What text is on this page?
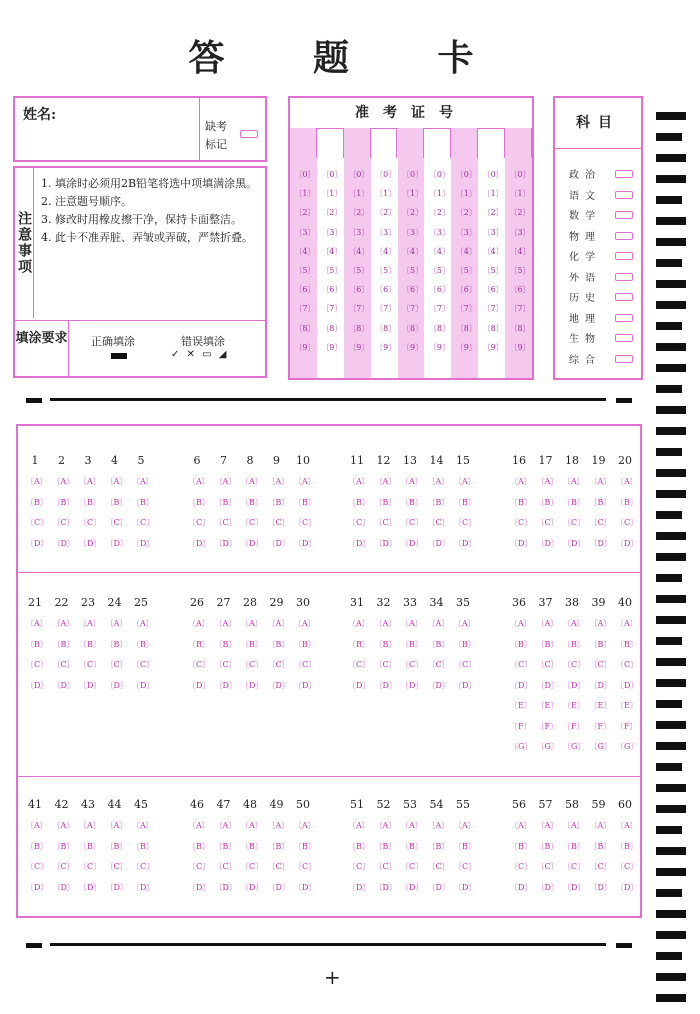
答 题 卡
姓名:
缺考标记
注意事项
1. 填涂时必须用2B铅笔将选中项填满涂黑。
2. 注意题号顺序。
3. 修改时用橡皮擦干净，保持卡面整洁。
4. 此卡不准弄脏、弄皱或弄破，严禁折叠。
填涂要求 正确填涂	错误填涂
✓ ✕ ▭ ◢
准考证号
〔0〕
〔1〕
〔2〕
〔3〕
〔4〕
〔5〕
〔6〕
〔7〕
〔8〕
〔9〕
〔0〕
〔1〕
〔2〕
〔3〕
〔4〕
〔5〕
〔6〕
〔7〕
〔8〕
〔9〕
〔0〕
〔1〕
〔2〕
〔3〕
〔4〕
〔5〕
〔6〕
〔7〕
〔8〕
〔9〕
〔0〕
〔1〕
〔2〕
〔3〕
〔4〕
〔5〕
〔6〕
〔7〕
〔8〕
〔9〕
〔0〕
〔1〕
〔2〕
〔3〕
〔4〕
〔5〕
〔6〕
〔7〕
〔8〕
〔9〕
〔0〕
〔1〕
〔2〕
〔3〕
〔4〕
〔5〕
〔6〕
〔7〕
〔8〕
〔9〕
〔0〕
〔1〕
〔2〕
〔3〕
〔4〕
〔5〕
〔6〕
〔7〕
〔8〕
〔9〕
〔0〕
〔1〕
〔2〕
〔3〕
〔4〕
〔5〕
〔6〕
〔7〕
〔8〕
〔9〕
〔0〕
〔1〕
〔2〕
〔3〕
〔4〕
〔5〕
〔6〕
〔7〕
〔8〕
〔9〕
科目
政治
语文
数学
物理
化学
外语
历史
地理
生物
综合
1
〔A〕
〔B〕
〔C〕
〔D〕
2
〔A〕
〔B〕
〔C〕
〔D〕
3
〔A〕
〔B〕
〔C〕
〔D〕
4
〔A〕
〔B〕
〔C〕
〔D〕
5
〔A〕
〔B〕
〔C〕
〔D〕
6
〔A〕
〔B〕
〔C〕
〔D〕
7
〔A〕
〔B〕
〔C〕
〔D〕
8
〔A〕
〔B〕
〔C〕
〔D〕
9
〔A〕
〔B〕
〔C〕
〔D〕
10
〔A〕
〔B〕
〔C〕
〔D〕
11
〔A〕
〔B〕
〔C〕
〔D〕
12
〔A〕
〔B〕
〔C〕
〔D〕
13
〔A〕
〔B〕
〔C〕
〔D〕
14
〔A〕
〔B〕
〔C〕
〔D〕
15
〔A〕
〔B〕
〔C〕
〔D〕
16
〔A〕
〔B〕
〔C〕
〔D〕
17
〔A〕
〔B〕
〔C〕
〔D〕
18
〔A〕
〔B〕
〔C〕
〔D〕
19
〔A〕
〔B〕
〔C〕
〔D〕
20
〔A〕
〔B〕
〔C〕
〔D〕
21
〔A〕
〔B〕
〔C〕
〔D〕
22
〔A〕
〔B〕
〔C〕
〔D〕
23
〔A〕
〔B〕
〔C〕
〔D〕
24
〔A〕
〔B〕
〔C〕
〔D〕
25
〔A〕
〔B〕
〔C〕
〔D〕
26
〔A〕
〔B〕
〔C〕
〔D〕
27
〔A〕
〔B〕
〔C〕
〔D〕
28
〔A〕
〔B〕
〔C〕
〔D〕
29
〔A〕
〔B〕
〔C〕
〔D〕
30
〔A〕
〔B〕
〔C〕
〔D〕
31
〔A〕
〔B〕
〔C〕
〔D〕
32
〔A〕
〔B〕
〔C〕
〔D〕
33
〔A〕
〔B〕
〔C〕
〔D〕
34
〔A〕
〔B〕
〔C〕
〔D〕
35
〔A〕
〔B〕
〔C〕
〔D〕
36
〔A〕
〔B〕
〔C〕
〔D〕
〔E〕
〔F〕
〔G〕
37
〔A〕
〔B〕
〔C〕
〔D〕
〔E〕
〔F〕
〔G〕
38
〔A〕
〔B〕
〔C〕
〔D〕
〔E〕
〔F〕
〔G〕
39
〔A〕
〔B〕
〔C〕
〔D〕
〔E〕
〔F〕
〔G〕
40
〔A〕
〔B〕
〔C〕
〔D〕
〔E〕
〔F〕
〔G〕
41
〔A〕
〔B〕
〔C〕
〔D〕
42
〔A〕
〔B〕
〔C〕
〔D〕
43
〔A〕
〔B〕
〔C〕
〔D〕
44
〔A〕
〔B〕
〔C〕
〔D〕
45
〔A〕
〔B〕
〔C〕
〔D〕
46
〔A〕
〔B〕
〔C〕
〔D〕
47
〔A〕
〔B〕
〔C〕
〔D〕
48
〔A〕
〔B〕
〔C〕
〔D〕
49
〔A〕
〔B〕
〔C〕
〔D〕
50
〔A〕
〔B〕
〔C〕
〔D〕
51
〔A〕
〔B〕
〔C〕
〔D〕
52
〔A〕
〔B〕
〔C〕
〔D〕
53
〔A〕
〔B〕
〔C〕
〔D〕
54
〔A〕
〔B〕
〔C〕
〔D〕
55
〔A〕
〔B〕
〔C〕
〔D〕
56
〔A〕
〔B〕
〔C〕
〔D〕
57
〔A〕
〔B〕
〔C〕
〔D〕
58
〔A〕
〔B〕
〔C〕
〔D〕
59
〔A〕
〔B〕
〔C〕
〔D〕
60
〔A〕
〔B〕
〔C〕
〔D〕
+
